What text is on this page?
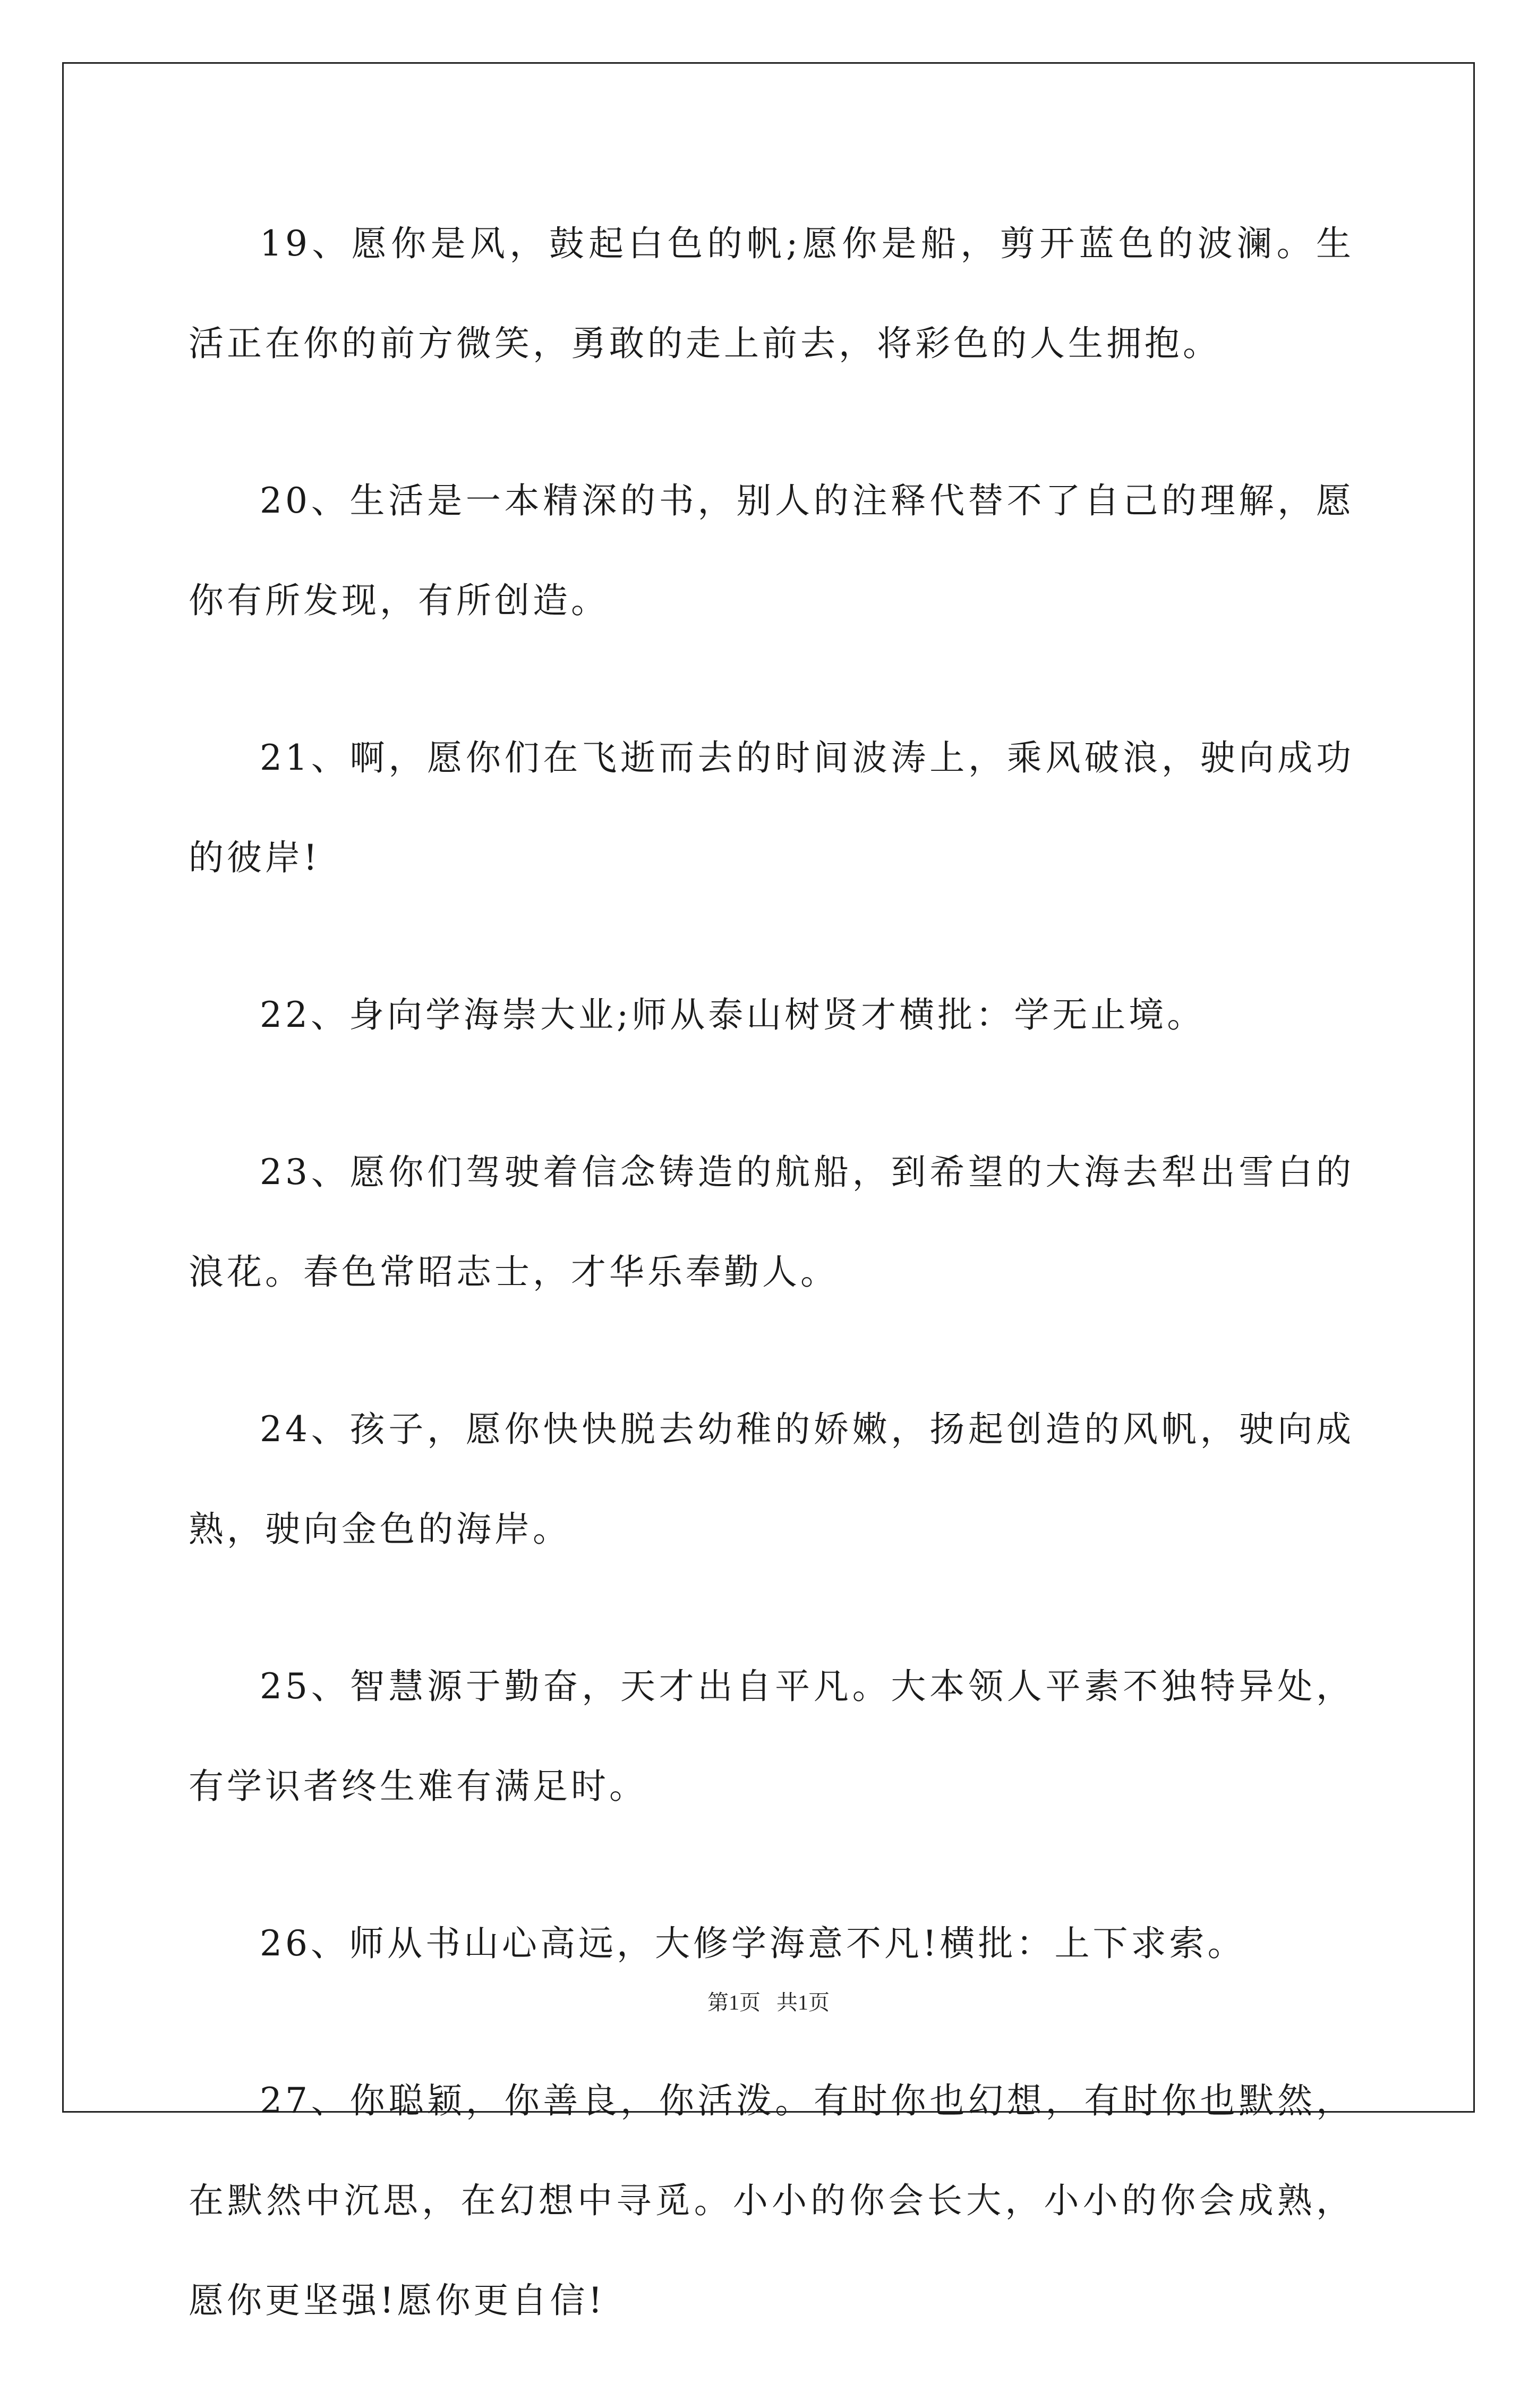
19、愿你是风，鼓起白色的帆;愿你是船，剪开蓝色的波澜。生活正在你的前方微笑，勇敢的走上前去，将彩色的人生拥抱。

20、生活是一本精深的书，别人的注释代替不了自己的理解，愿你有所发现，有所创造。

21、啊，愿你们在飞逝而去的时间波涛上，乘风破浪，驶向成功的彼岸!

22、身向学海崇大业;师从泰山树贤才横批：学无止境。

23、愿你们驾驶着信念铸造的航船，到希望的大海去犁出雪白的浪花。春色常昭志士，才华乐奉勤人。

24、孩子，愿你快快脱去幼稚的娇嫩，扬起创造的风帆，驶向成熟，驶向金色的海岸。

25、智慧源于勤奋，天才出自平凡。大本领人平素不独特异处，有学识者终生难有满足时。

26、师从书山心高远，大修学海意不凡!横批：上下求索。

27、你聪颖，你善良，你活泼。有时你也幻想，有时你也默然，在默然中沉思，在幻想中寻觅。小小的你会长大，小小的你会成熟，愿你更坚强!愿你更自信!

第1页 共1页
